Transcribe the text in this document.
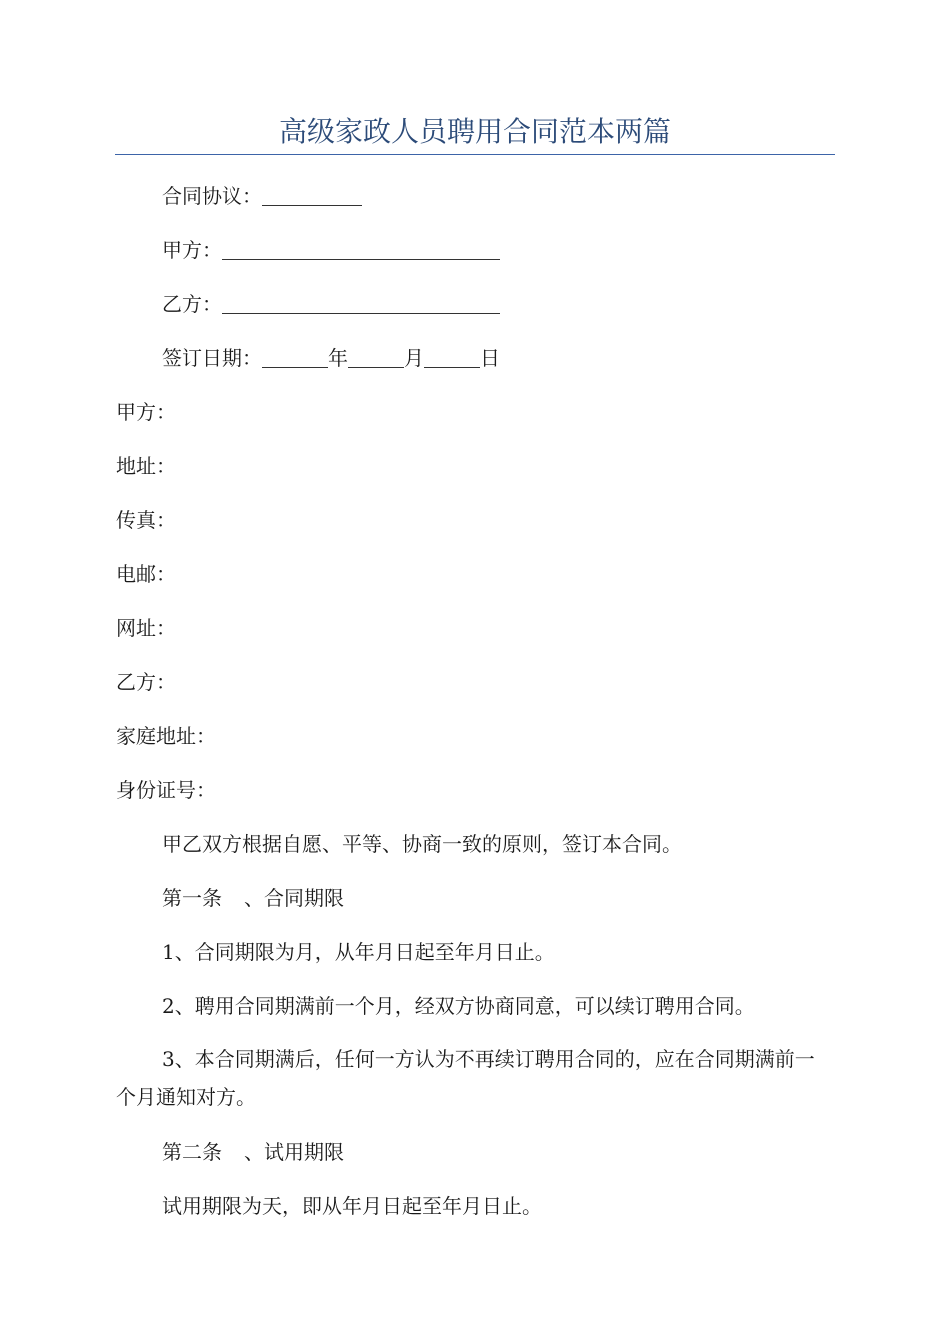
高级家政人员聘用合同范本两篇
合同协议：
甲方：
乙方：
签订日期：	年	月	日
甲方：
地址：
传真：
电邮：
网址：
乙方：
家庭地址：
身份证号：
甲乙双方根据自愿、平等、协商一致的原则，签订本合同。
第一条 、合同期限
1、合同期限为月，从年月日起至年月日止。
2、聘用合同期满前一个月，经双方协商同意，可以续订聘用合同。

3、本合同期满后，任何一方认为不再续订聘用合同的，应在合同期满前一个月通知对方。

第二条 、试用期限
试用期限为天，即从年月日起至年月日止。
